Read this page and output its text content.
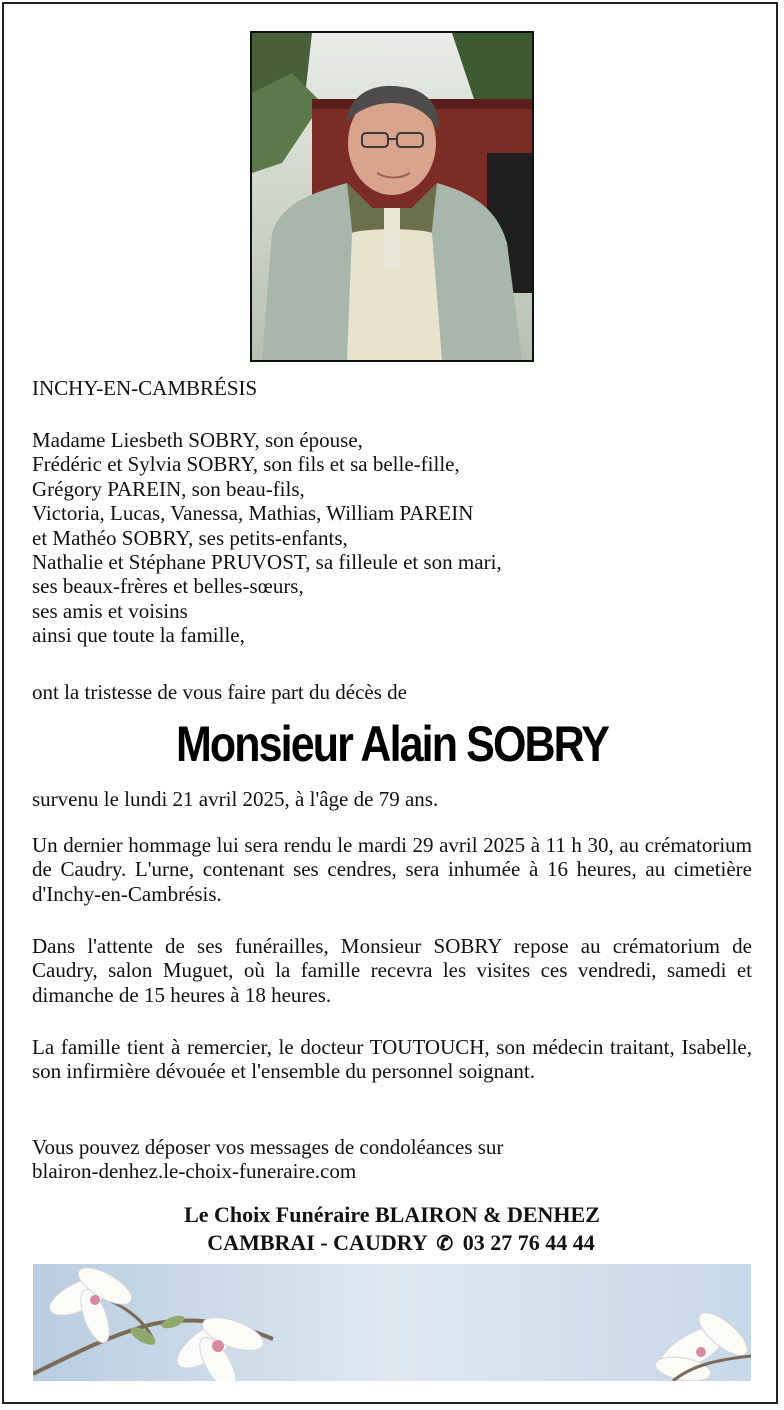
INCHY-EN-CAMBRÉSIS

Madame Liesbeth SOBRY, son épouse,
Frédéric et Sylvia SOBRY, son fils et sa belle-fille,
Grégory PAREIN, son beau-fils,
Victoria, Lucas, Vanessa, Mathias, William PAREIN
et Mathéo SOBRY, ses petits-enfants,
Nathalie et Stéphane PRUVOST, sa filleule et son mari,
ses beaux-frères et belles-sœurs,
ses amis et voisins
ainsi que toute la famille,

ont la tristesse de vous faire part du décès de

Monsieur Alain SOBRY

survenu le lundi 21 avril 2025, à l'âge de 79 ans.

Un dernier hommage lui sera rendu le mardi 29 avril 2025 à 11 h 30, au crématorium de Caudry. L'urne, contenant ses cendres, sera inhumée à 16 heures, au cimetière d'Inchy-en-Cambrésis.

Dans l'attente de ses funérailles, Monsieur SOBRY repose au crématorium de Caudry, salon Muguet, où la famille recevra les visites ces vendredi, samedi et dimanche de 15 heures à 18 heures.

La famille tient à remercier, le docteur TOUTOUCH, son médecin traitant, Isabelle, son infirmière dévouée et l'ensemble du personnel soignant.

Vous pouvez déposer vos messages de condoléances sur
blairon-denhez.le-choix-funeraire.com
Le Choix Funéraire BLAIRON & DENHEZ
CAMBRAI - CAUDRY ✆ 03 27 76 44 44
